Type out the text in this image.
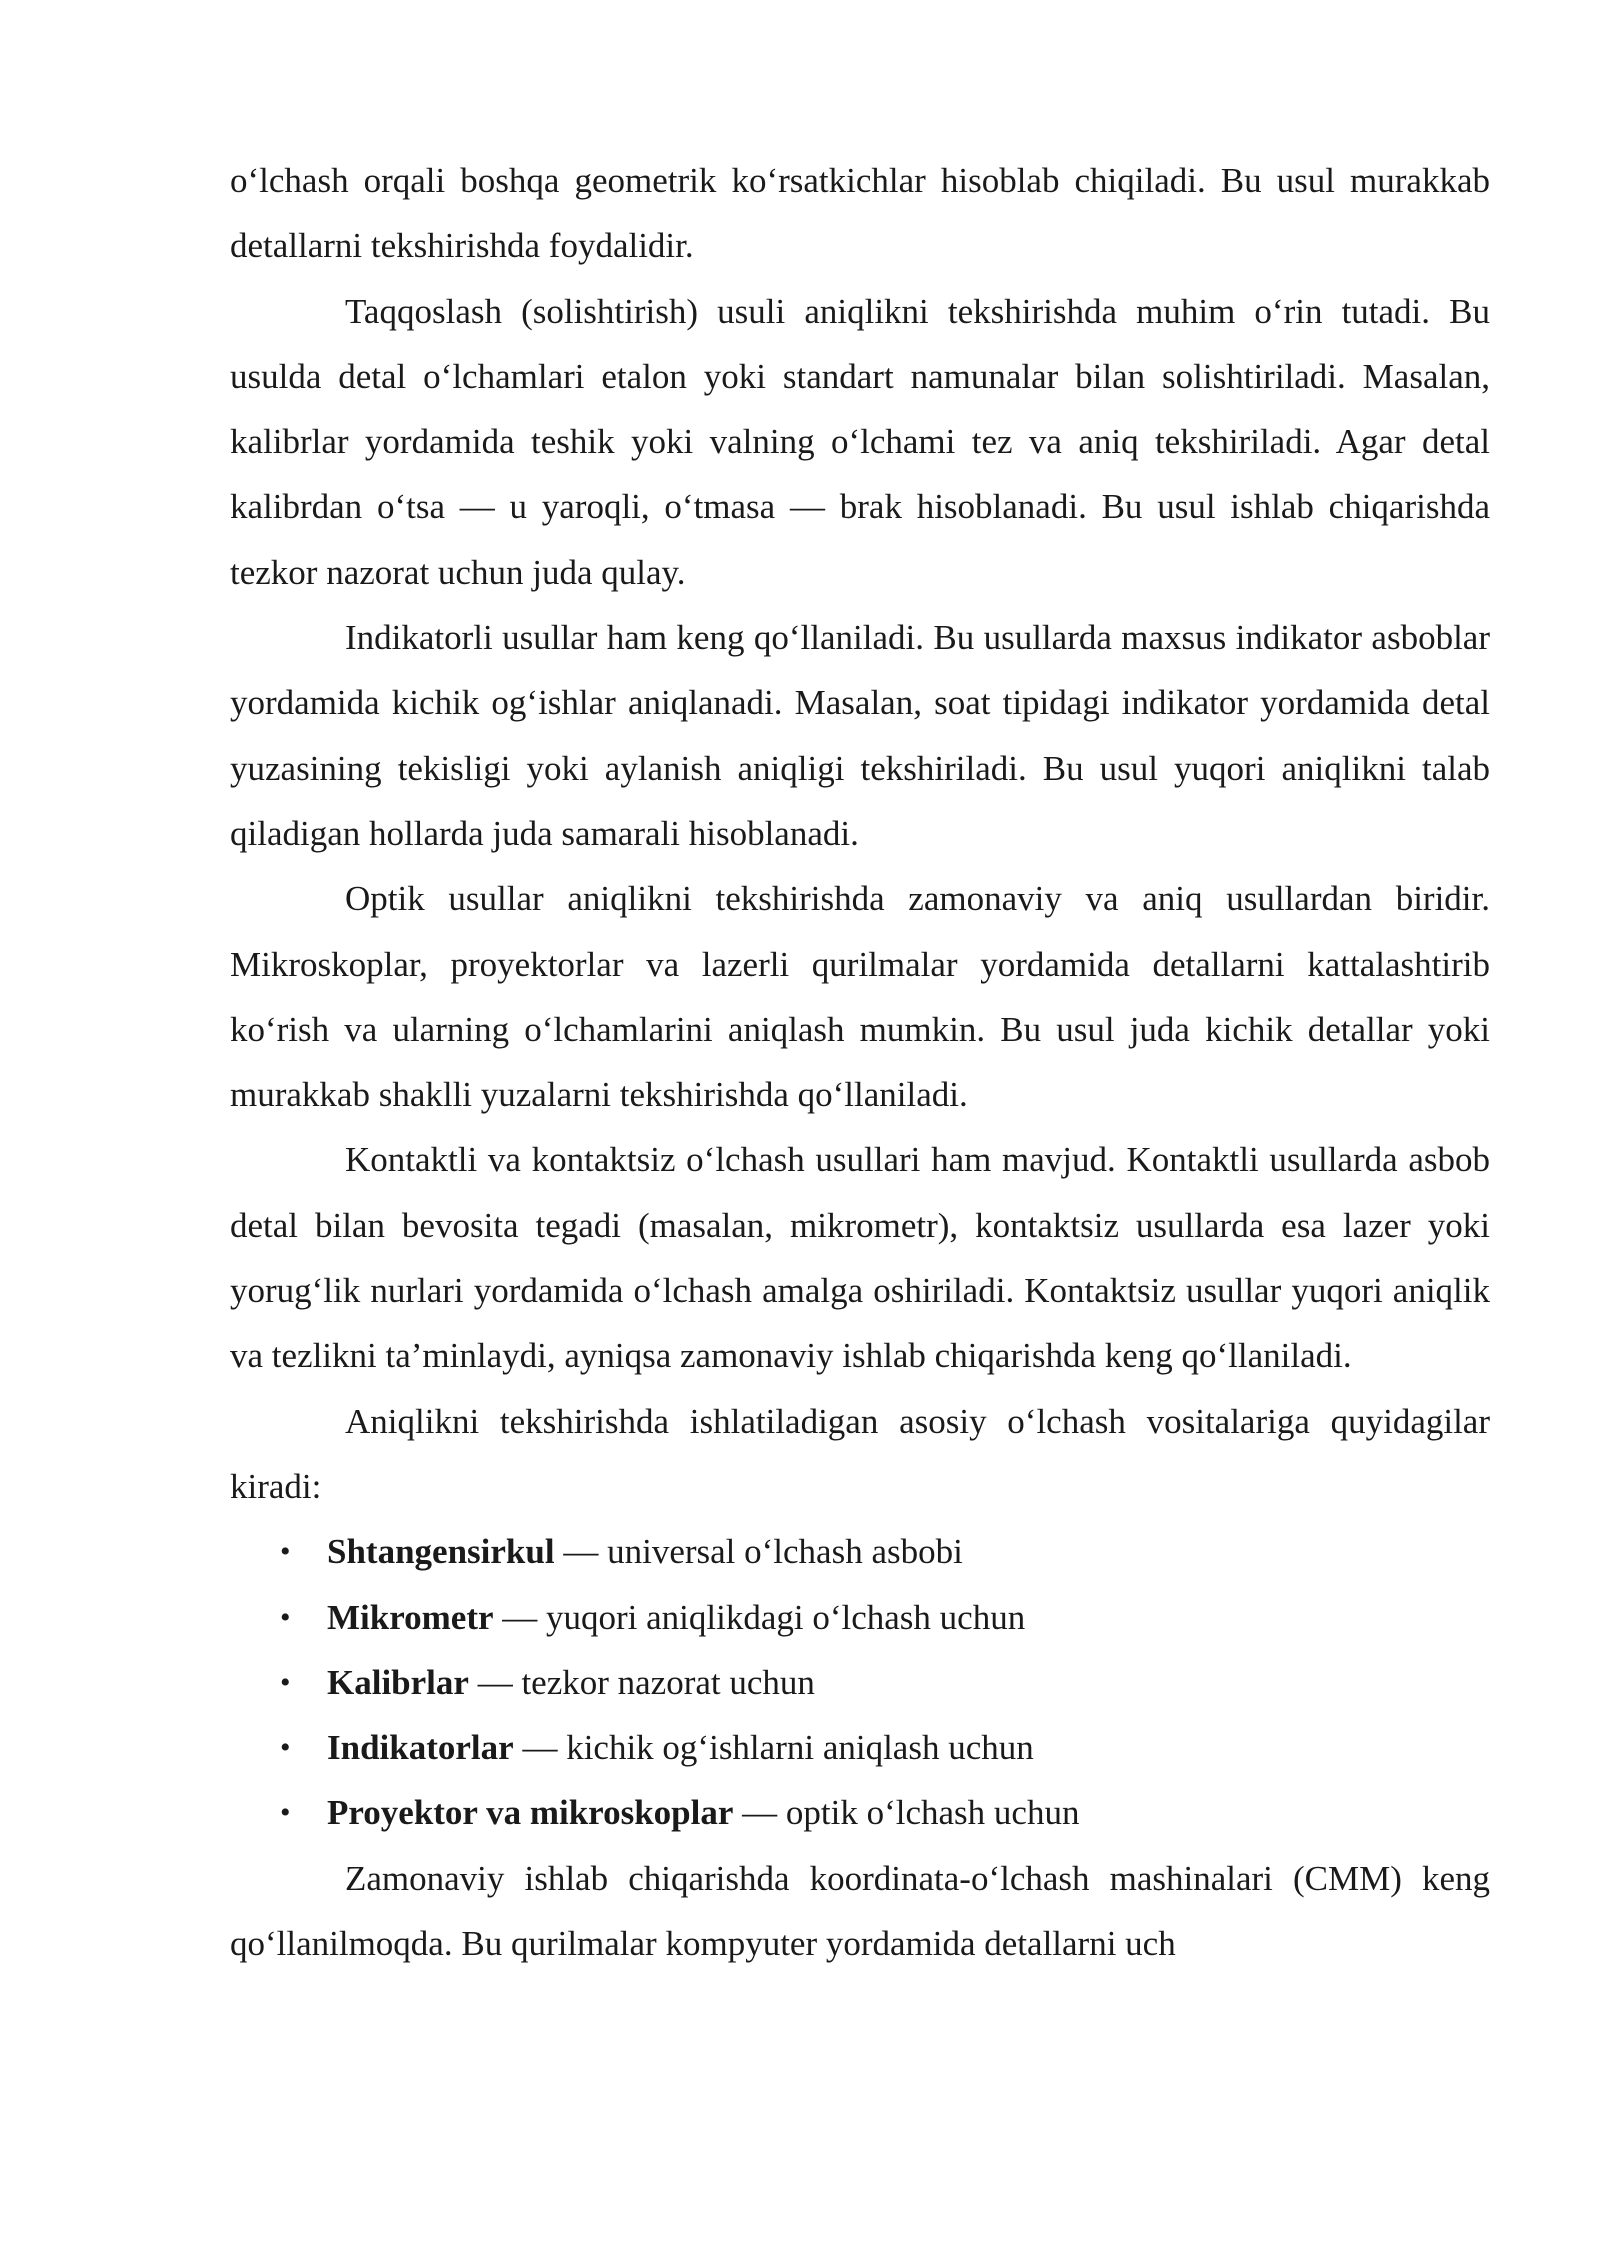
o‘lchash orqali boshqa geometrik ko‘rsatkichlar hisoblab chiqiladi. Bu usul murakkab detallarni tekshirishda foydalidir.

Taqqoslash (solishtirish) usuli aniqlikni tekshirishda muhim o‘rin tutadi. Bu usulda detal o‘lchamlari etalon yoki standart namunalar bilan solishtiriladi. Masalan, kalibrlar yordamida teshik yoki valning o‘lchami tez va aniq tekshiriladi. Agar detal kalibrdan o‘tsa — u yaroqli, o‘tmasa — brak hisoblanadi. Bu usul ishlab chiqarishda tezkor nazorat uchun juda qulay.

Indikatorli usullar ham keng qo‘llaniladi. Bu usullarda maxsus indikator asboblar yordamida kichik og‘ishlar aniqlanadi. Masalan, soat tipidagi indikator yordamida detal yuzasining tekisligi yoki aylanish aniqligi tekshiriladi. Bu usul yuqori aniqlikni talab qiladigan hollarda juda samarali hisoblanadi.

Optik usullar aniqlikni tekshirishda zamonaviy va aniq usullardan biridir. Mikroskoplar, proyektorlar va lazerli qurilmalar yordamida detallarni kattalashtirib ko‘rish va ularning o‘lchamlarini aniqlash mumkin. Bu usul juda kichik detallar yoki murakkab shaklli yuzalarni tekshirishda qo‘llaniladi.

Kontaktli va kontaktsiz o‘lchash usullari ham mavjud. Kontaktli usullarda asbob detal bilan bevosita tegadi (masalan, mikrometr), kontaktsiz usullarda esa lazer yoki yorug‘lik nurlari yordamida o‘lchash amalga oshiriladi. Kontaktsiz usullar yuqori aniqlik va tezlikni ta’minlaydi, ayniqsa zamonaviy ishlab chiqarishda keng qo‘llaniladi.

Aniqlikni tekshirishda ishlatiladigan asosiy o‘lchash vositalariga quyidagilar kiradi:

• Shtangensirkul — universal o‘lchash asbobi
• Mikrometr — yuqori aniqlikdagi o‘lchash uchun
• Kalibrlar — tezkor nazorat uchun
• Indikatorlar — kichik og‘ishlarni aniqlash uchun
• Proyektor va mikroskoplar — optik o‘lchash uchun

Zamonaviy ishlab chiqarishda koordinata-o‘lchash mashinalari (CMM) keng qo‘llanilmoqda. Bu qurilmalar kompyuter yordamida detallarni uch
